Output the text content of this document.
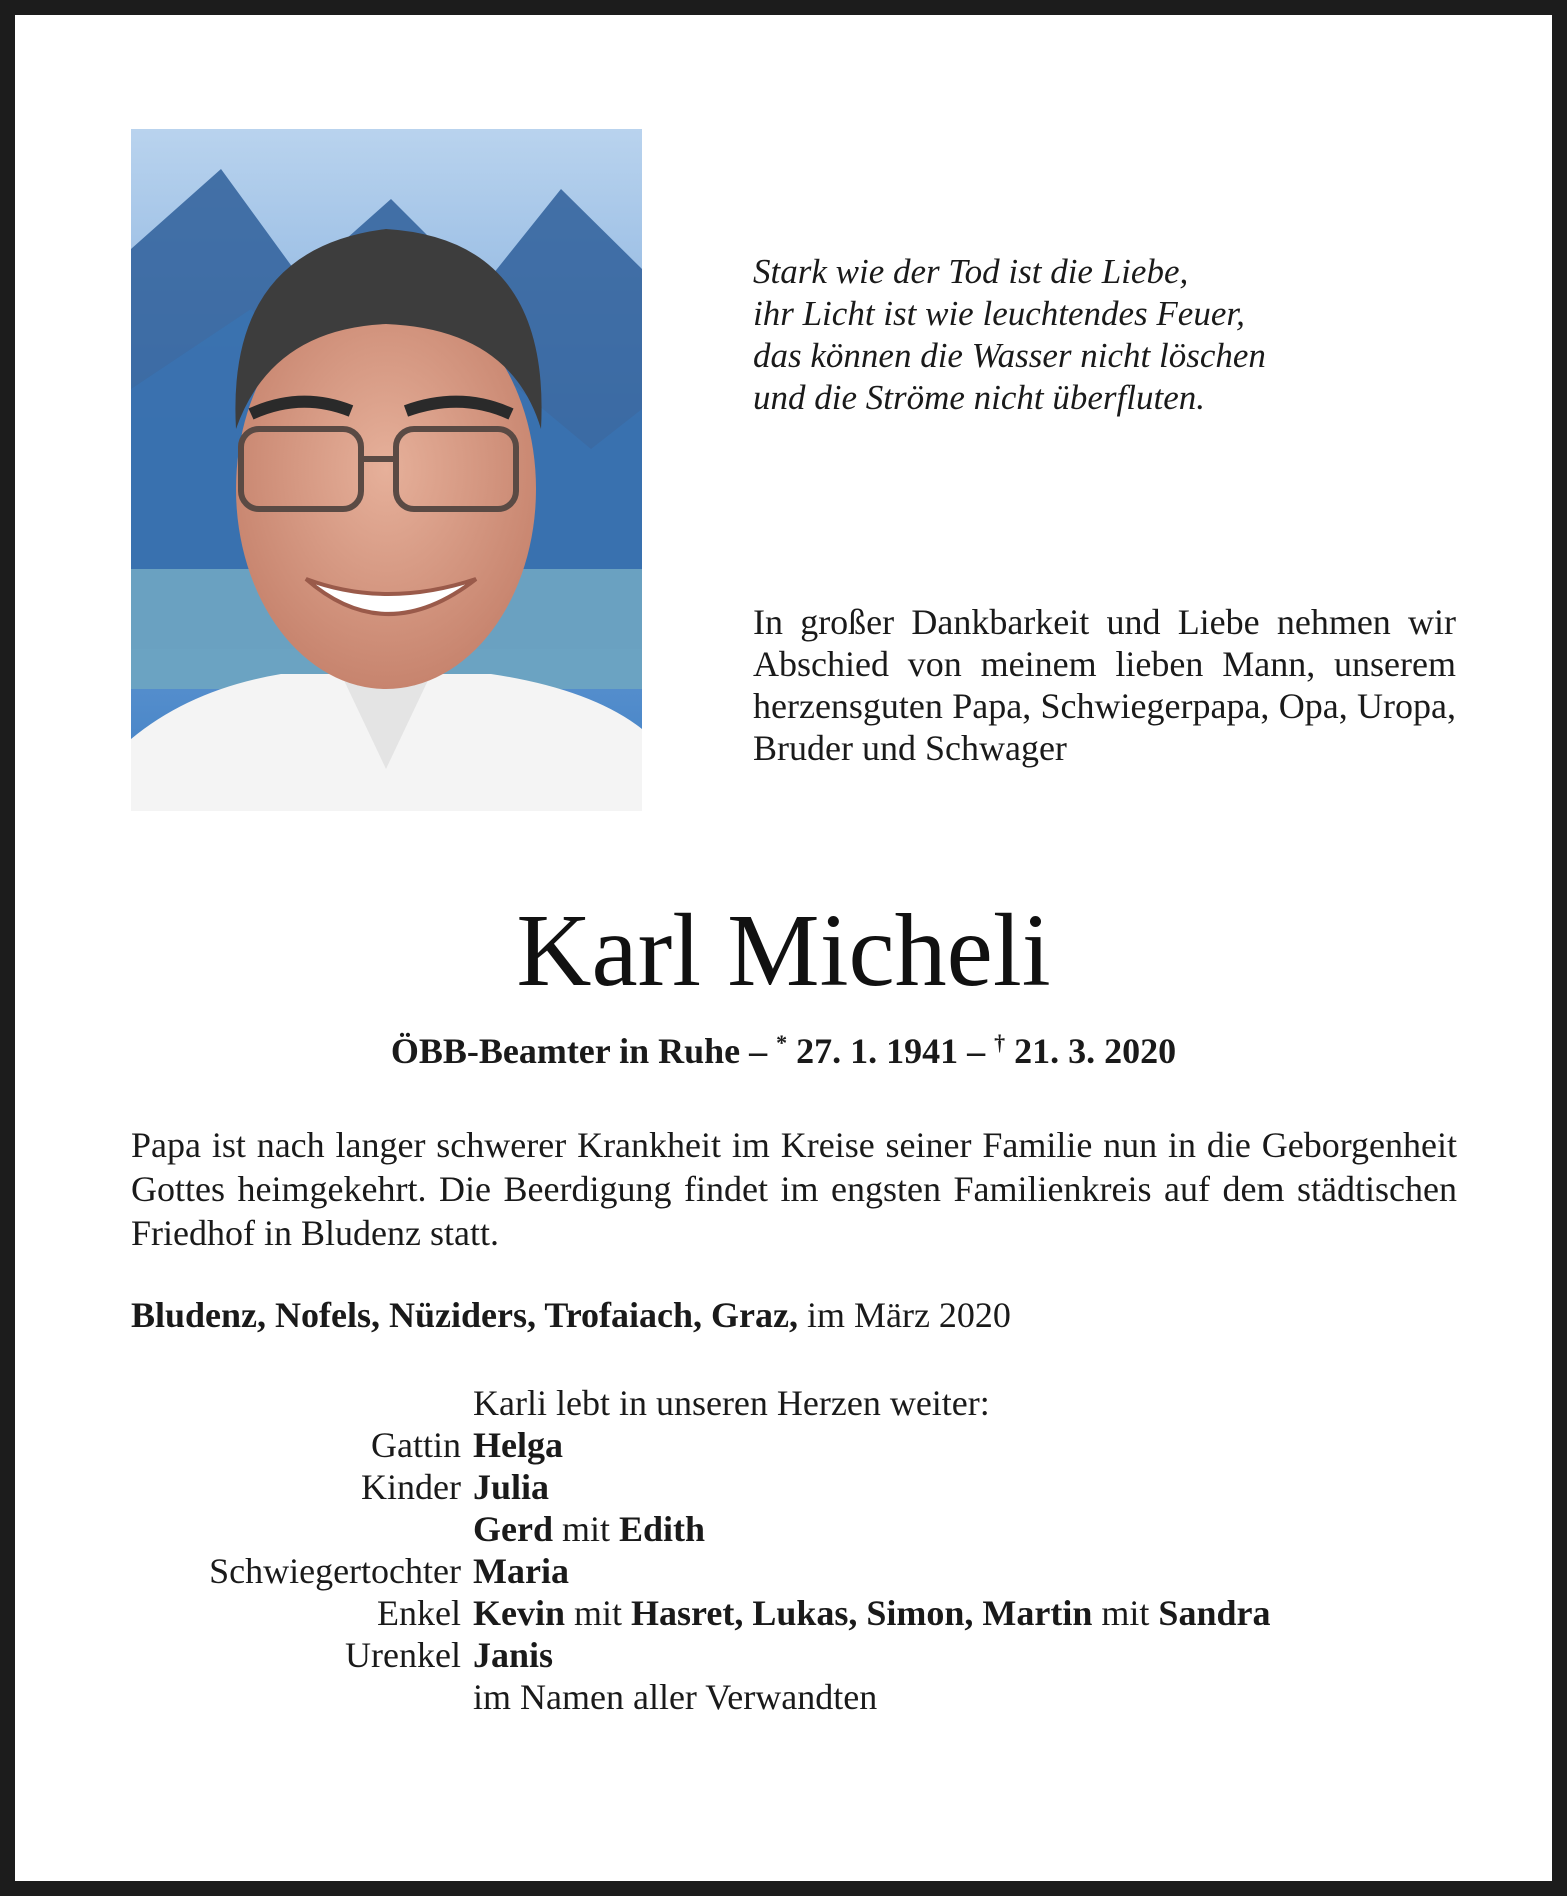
Stark wie der Tod ist die Liebe,
ihr Licht ist wie leuchtendes Feuer,
das können die Wasser nicht löschen
und die Ströme nicht überfluten.
In großer Dankbarkeit und Liebe nehmen wir Abschied von meinem lieben Mann, unserem herzensguten Papa, Schwiegerpapa, Opa, Uropa, Bruder und Schwager
Karl Micheli
ÖBB-Beamter in Ruhe – * 27. 1. 1941 – † 21. 3. 2020
Papa ist nach langer schwerer Krankheit im Kreise seiner Familie nun in die Geborgenheit Gottes heimgekehrt. Die Beerdigung findet im engsten Familienkreis auf dem städtischen Friedhof in Bludenz statt.
Bludenz, Nofels, Nüziders, Trofaiach, Graz, im März 2020
Karli lebt in unseren Herzen weiter:
Gattin Helga
Kinder Julia
Gerd mit Edith
Schwiegertochter Maria
Enkel Kevin mit Hasret, Lukas, Simon, Martin mit Sandra
Urenkel Janis
im Namen aller Verwandten
